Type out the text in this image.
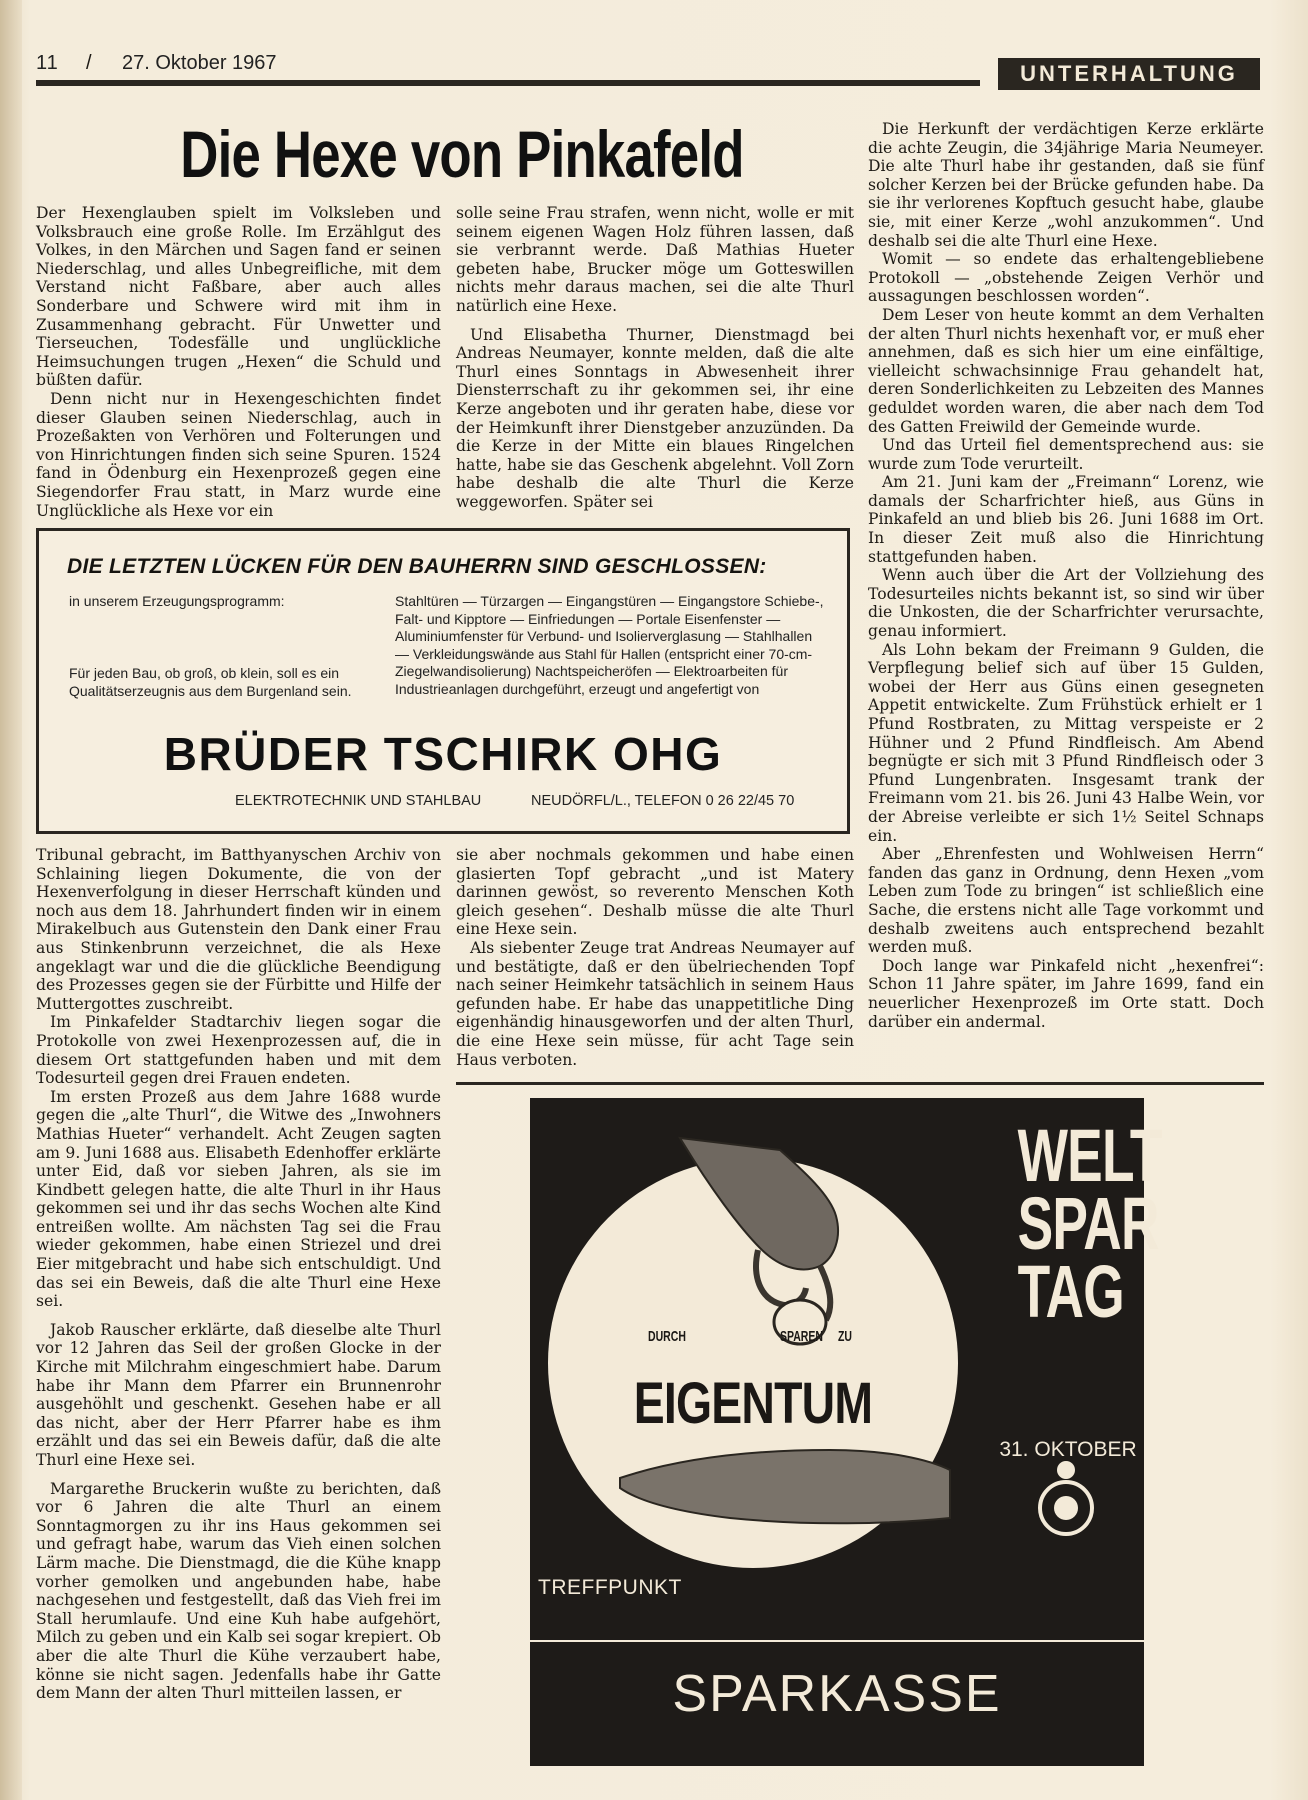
11 / 27. Oktober 1967	UNTERHALTUNG
Die Hexe von Pinkafeld

Der Hexenglauben spielt im Volksleben und Volksbrauch eine große Rolle. Im Erzählgut des Volkes, in den Märchen und Sagen fand er seinen Niederschlag, und alles Unbegreifliche, mit dem Verstand nicht Faßbare, aber auch alles Sonderbare und Schwere wird mit ihm in Zusammenhang gebracht. Für Unwetter und Tierseuchen, Todesfälle und unglückliche Heimsuchungen trugen „Hexen“ die Schuld und büßten dafür.

Denn nicht nur in Hexengeschichten findet dieser Glauben seinen Niederschlag, auch in Prozeßakten von Verhören und Folterungen und von Hinrichtungen finden sich seine Spuren. 1524 fand in Ödenburg ein Hexenprozeß gegen eine Siegendorfer Frau statt, in Marz wurde eine Unglückliche als Hexe vor ein

solle seine Frau strafen, wenn nicht, wolle er mit seinem eigenen Wagen Holz führen lassen, daß sie verbrannt werde. Daß Mathias Hueter gebeten habe, Brucker möge um Gotteswillen nichts mehr daraus machen, sei die alte Thurl natürlich eine Hexe.

Und Elisabetha Thurner, Dienstmagd bei Andreas Neumayer, konnte melden, daß die alte Thurl eines Sonntags in Abwesenheit ihrer Diensterrschaft zu ihr gekommen sei, ihr eine Kerze angeboten und ihr geraten habe, diese vor der Heimkunft ihrer Dienstgeber anzuzünden. Da die Kerze in der Mitte ein blaues Ringelchen hatte, habe sie das Geschenk abgelehnt. Voll Zorn habe deshalb die alte Thurl die Kerze weggeworfen. Später sei

Die Herkunft der verdächtigen Kerze erklärte die achte Zeugin, die 34jährige Maria Neumeyer. Die alte Thurl habe ihr gestanden, daß sie fünf solcher Kerzen bei der Brücke gefunden habe. Da sie ihr verlorenes Kopftuch gesucht habe, glaube sie, mit einer Kerze „wohl anzukommen“. Und deshalb sei die alte Thurl eine Hexe.

Womit — so endete das erhaltengebliebene Protokoll — „obstehende Zeigen Verhör und aussagungen beschlossen worden“.

Dem Leser von heute kommt an dem Verhalten der alten Thurl nichts hexenhaft vor, er muß eher annehmen, daß es sich hier um eine einfältige, vielleicht schwachsinnige Frau gehandelt hat, deren Sonderlichkeiten zu Lebzeiten des Mannes geduldet worden waren, die aber nach dem Tod des Gatten Freiwild der Gemeinde wurde.

Und das Urteil fiel dementsprechend aus: sie wurde zum Tode verurteilt.

Am 21. Juni kam der „Freimann“ Lorenz, wie damals der Scharfrichter hieß, aus Güns in Pinkafeld an und blieb bis 26. Juni 1688 im Ort. In dieser Zeit muß also die Hinrichtung stattgefunden haben.

Wenn auch über die Art der Vollziehung des Todesurteiles nichts bekannt ist, so sind wir über die Unkosten, die der Scharfrichter verursachte, genau informiert.

Als Lohn bekam der Freimann 9 Gulden, die Verpflegung belief sich auf über 15 Gulden, wobei der Herr aus Güns einen gesegneten Appetit entwickelte. Zum Frühstück erhielt er 1 Pfund Rostbraten, zu Mittag verspeiste er 2 Hühner und 2 Pfund Rindfleisch. Am Abend begnügte er sich mit 3 Pfund Rindfleisch oder 3 Pfund Lungenbraten. Insgesamt trank der Freimann vom 21. bis 26. Juni 43 Halbe Wein, vor der Abreise verleibte er sich 1½ Seitel Schnaps ein.

Aber „Ehrenfesten und Wohlweisen Herrn“ fanden das ganz in Ordnung, denn Hexen „vom Leben zum Tode zu bringen“ ist schließlich eine Sache, die erstens nicht alle Tage vorkommt und deshalb zweitens auch entsprechend bezahlt werden muß.

Doch lange war Pinkafeld nicht „hexenfrei“: Schon 11 Jahre später, im Jahre 1699, fand ein neuerlicher Hexenprozeß im Orte statt. Doch darüber ein andermal.

DIE LETZTEN LÜCKEN FÜR DEN BAUHERRN SIND GESCHLOSSEN:
in unserem Erzeugungsprogramm:
Für jeden Bau, ob groß, ob klein, soll es ein Qualitätserzeugnis aus dem Burgenland sein.
Stahltüren — Türzargen — Eingangstüren — Eingangstore Schiebe-, Falt- und Kipptore — Einfriedungen — Portale Eisenfenster — Aluminiumfenster für Verbund- und Isolierverglasung — Stahlhallen — Verkleidungswände aus Stahl für Hallen (entspricht einer 70-cm-Ziegelwandisolierung) Nachtspeicheröfen — Elektroarbeiten für Industrieanlagen durchgeführt, erzeugt und angefertigt von
BRÜDER TSCHIRK OHG
ELEKTROTECHNIK UND STAHLBAU	NEUDÖRFL/L., TELEFON 0 26 22/45 70

Tribunal gebracht, im Batthyanyschen Archiv von Schlaining liegen Dokumente, die von der Hexenverfolgung in dieser Herrschaft künden und noch aus dem 18. Jahrhundert finden wir in einem Mirakelbuch aus Gutenstein den Dank einer Frau aus Stinkenbrunn verzeichnet, die als Hexe angeklagt war und die die glückliche Beendigung des Prozesses gegen sie der Fürbitte und Hilfe der Muttergottes zuschreibt.

Im Pinkafelder Stadtarchiv liegen sogar die Protokolle von zwei Hexenprozessen auf, die in diesem Ort stattgefunden haben und mit dem Todesurteil gegen drei Frauen endeten.

Im ersten Prozeß aus dem Jahre 1688 wurde gegen die „alte Thurl“, die Witwe des „Inwohners Mathias Hueter“ verhandelt. Acht Zeugen sagten am 9. Juni 1688 aus. Elisabeth Edenhoffer erklärte unter Eid, daß vor sieben Jahren, als sie im Kindbett gelegen hatte, die alte Thurl in ihr Haus gekommen sei und ihr das sechs Wochen alte Kind entreißen wollte. Am nächsten Tag sei die Frau wieder gekommen, habe einen Striezel und drei Eier mitgebracht und habe sich entschuldigt. Und das sei ein Beweis, daß die alte Thurl eine Hexe sei.

Jakob Rauscher erklärte, daß dieselbe alte Thurl vor 12 Jahren das Seil der großen Glocke in der Kirche mit Milchrahm eingeschmiert habe. Darum habe ihr Mann dem Pfarrer ein Brunnenrohr ausgehöhlt und geschenkt. Gesehen habe er all das nicht, aber der Herr Pfarrer habe es ihm erzählt und das sei ein Beweis dafür, daß die alte Thurl eine Hexe sei.

Margarethe Bruckerin wußte zu berichten, daß vor 6 Jahren die alte Thurl an einem Sonntagmorgen zu ihr ins Haus gekommen sei und gefragt habe, warum das Vieh einen solchen Lärm mache. Die Dienstmagd, die die Kühe knapp vorher gemolken und angebunden habe, habe nachgesehen und festgestellt, daß das Vieh frei im Stall herumlaufe. Und eine Kuh habe aufgehört, Milch zu geben und ein Kalb sei sogar krepiert. Ob aber die alte Thurl die Kühe verzaubert habe, könne sie nicht sagen. Jedenfalls habe ihr Gatte dem Mann der alten Thurl mitteilen lassen, er

sie aber nochmals gekommen und habe einen glasierten Topf gebracht „und ist Matery darinnen gewöst, so reverento Menschen Koth gleich gesehen“. Deshalb müsse die alte Thurl eine Hexe sein.

Als siebenter Zeuge trat Andreas Neumayer auf und bestätigte, daß er den übelriechenden Topf nach seiner Heimkehr tatsächlich in seinem Haus gefunden habe. Er habe das unappetitliche Ding eigenhändig hinausgeworfen und der alten Thurl, die eine Hexe sein müsse, für acht Tage sein Haus verboten.

WELT
SPAR
TAG
31. OKTOBER
DURCH	SPAREN ZU
EIGENTUM
TREFFPUNKT
SPARKASSE
